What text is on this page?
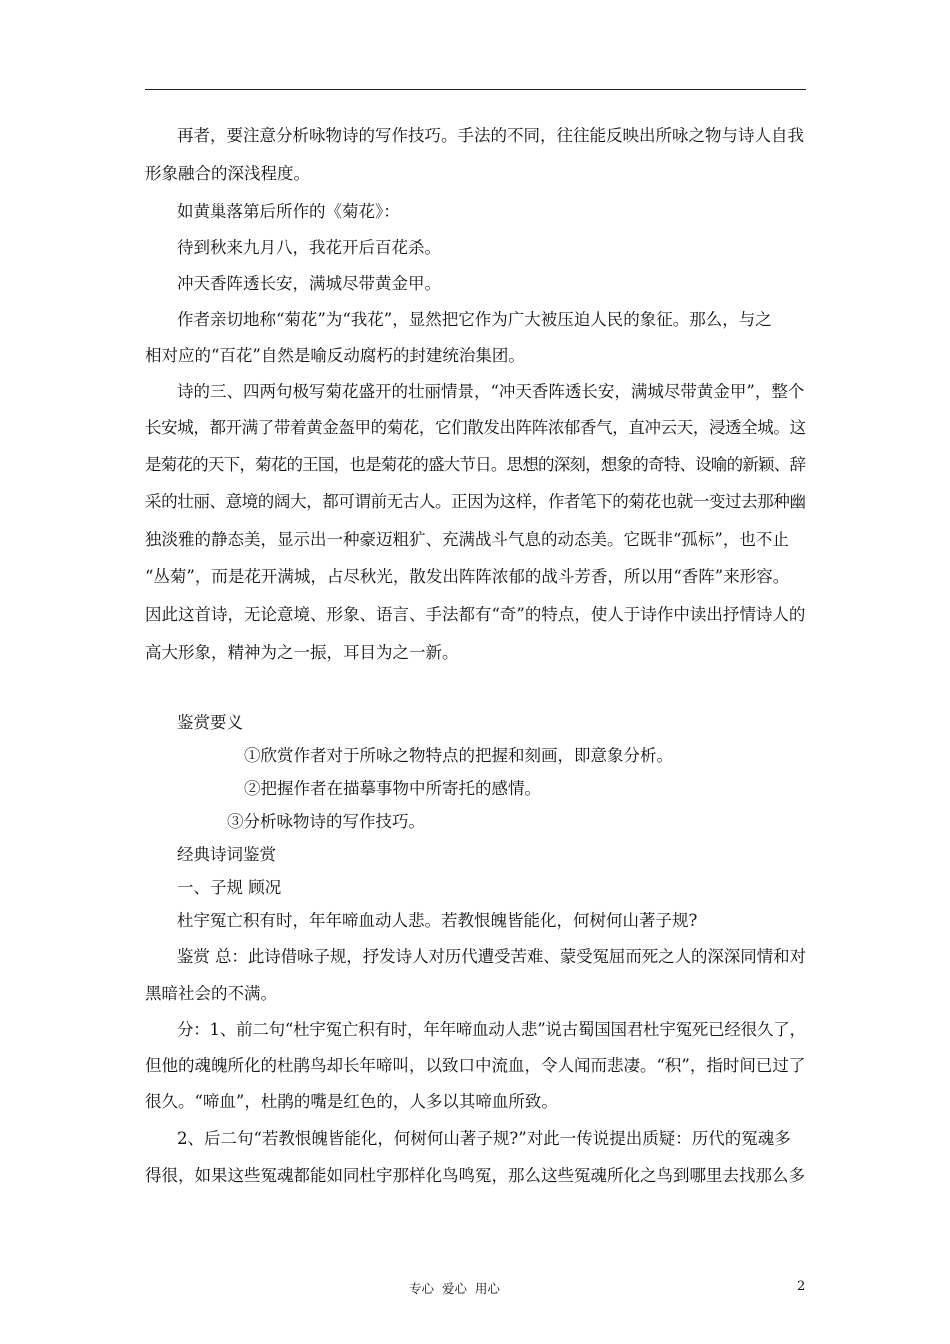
再者，要注意分析咏物诗的写作技巧。手法的不同，往往能反映出所咏之物与诗人自我
形象融合的深浅程度。
如黄巢落第后所作的《菊花》：
待到秋来九月八，我花开后百花杀。
冲天香阵透长安，满城尽带黄金甲。
作者亲切地称“菊花”为“我花”，显然把它作为广大被压迫人民的象征。那么，与之
相对应的“百花”自然是喻反动腐朽的封建统治集团。
诗的三、四两句极写菊花盛开的壮丽情景，“冲天香阵透长安，满城尽带黄金甲”，整个
长安城，都开满了带着黄金盔甲的菊花，它们散发出阵阵浓郁香气，直冲云天，浸透全城。这
是菊花的天下，菊花的王国，也是菊花的盛大节日。思想的深刻，想象的奇特、设喻的新颖、辞
采的壮丽、意境的阔大，都可谓前无古人。正因为这样，作者笔下的菊花也就一变过去那种幽
独淡雅的静态美，显示出一种豪迈粗犷、充满战斗气息的动态美。它既非“孤标”，也不止
“丛菊”，而是花开满城，占尽秋光，散发出阵阵浓郁的战斗芳香，所以用“香阵”来形容。
因此这首诗，无论意境、形象、语言、手法都有“奇”的特点，使人于诗作中读出抒情诗人的
高大形象，精神为之一振，耳目为之一新。
鉴赏要义
①欣赏作者对于所咏之物特点的把握和刻画，即意象分析。
②把握作者在描摹事物中所寄托的感情。
③分析咏物诗的写作技巧。
经典诗词鉴赏
一、子规 顾况
杜宇冤亡积有时，年年啼血动人悲。若教恨魄皆能化，何树何山著子规?
鉴赏 总：此诗借咏子规，抒发诗人对历代遭受苦难、蒙受冤屈而死之人的深深同情和对
黑暗社会的不满。
分：1、前二句“杜宇冤亡积有时，年年啼血动人悲”说古蜀国国君杜宇冤死已经很久了，
但他的魂魄所化的杜鹃鸟却长年啼叫，以致口中流血，令人闻而悲凄。“积”，指时间已过了
很久。“啼血”，杜鹃的嘴是红色的，人多以其啼血所致。
2、后二句“若教恨魄皆能化，何树何山著子规?”对此一传说提出质疑：历代的冤魂多
得很，如果这些冤魂都能如同杜宇那样化鸟鸣冤，那么这些冤魂所化之鸟到哪里去找那么多
专心  爱心  用心	2
